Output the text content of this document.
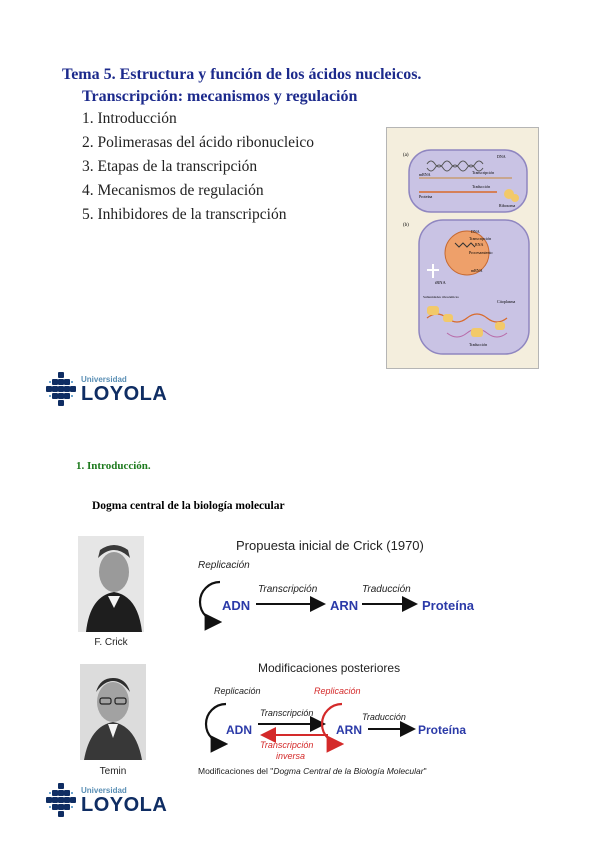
Tema 5. Estructura y función de los ácidos nucleicos.
Transcripción: mecanismos y regulación
1. Introducción
2. Polimerasas del ácido ribonucleico
3. Etapas de la transcripción
4. Mecanismos de regulación
5. Inhibidores de la transcripción
(a)	DNA
Transcripción
mRNA
Traducción
Proteína
Ribosoma
(b)
DNA
Transcripción
RNA
Procesamiento
mRNA
tRNA
Subunidades ribosómicas
Citoplasma
Traducción
Universidad
LOYOLA
1. Introducción.
Dogma central de la biología molecular
F. Crick
Temin
Propuesta inicial de Crick (1970)
Replicación
ADN
Transcripción
ARN
Traducción
Proteína
Modificaciones posteriores
Replicación	Replicación
ADN
Transcripción
Transcripción
inversa
ARN
Traducción
Proteína
Modificaciones del "Dogma Central de la Biología Molecular"
Universidad
LOYOLA
